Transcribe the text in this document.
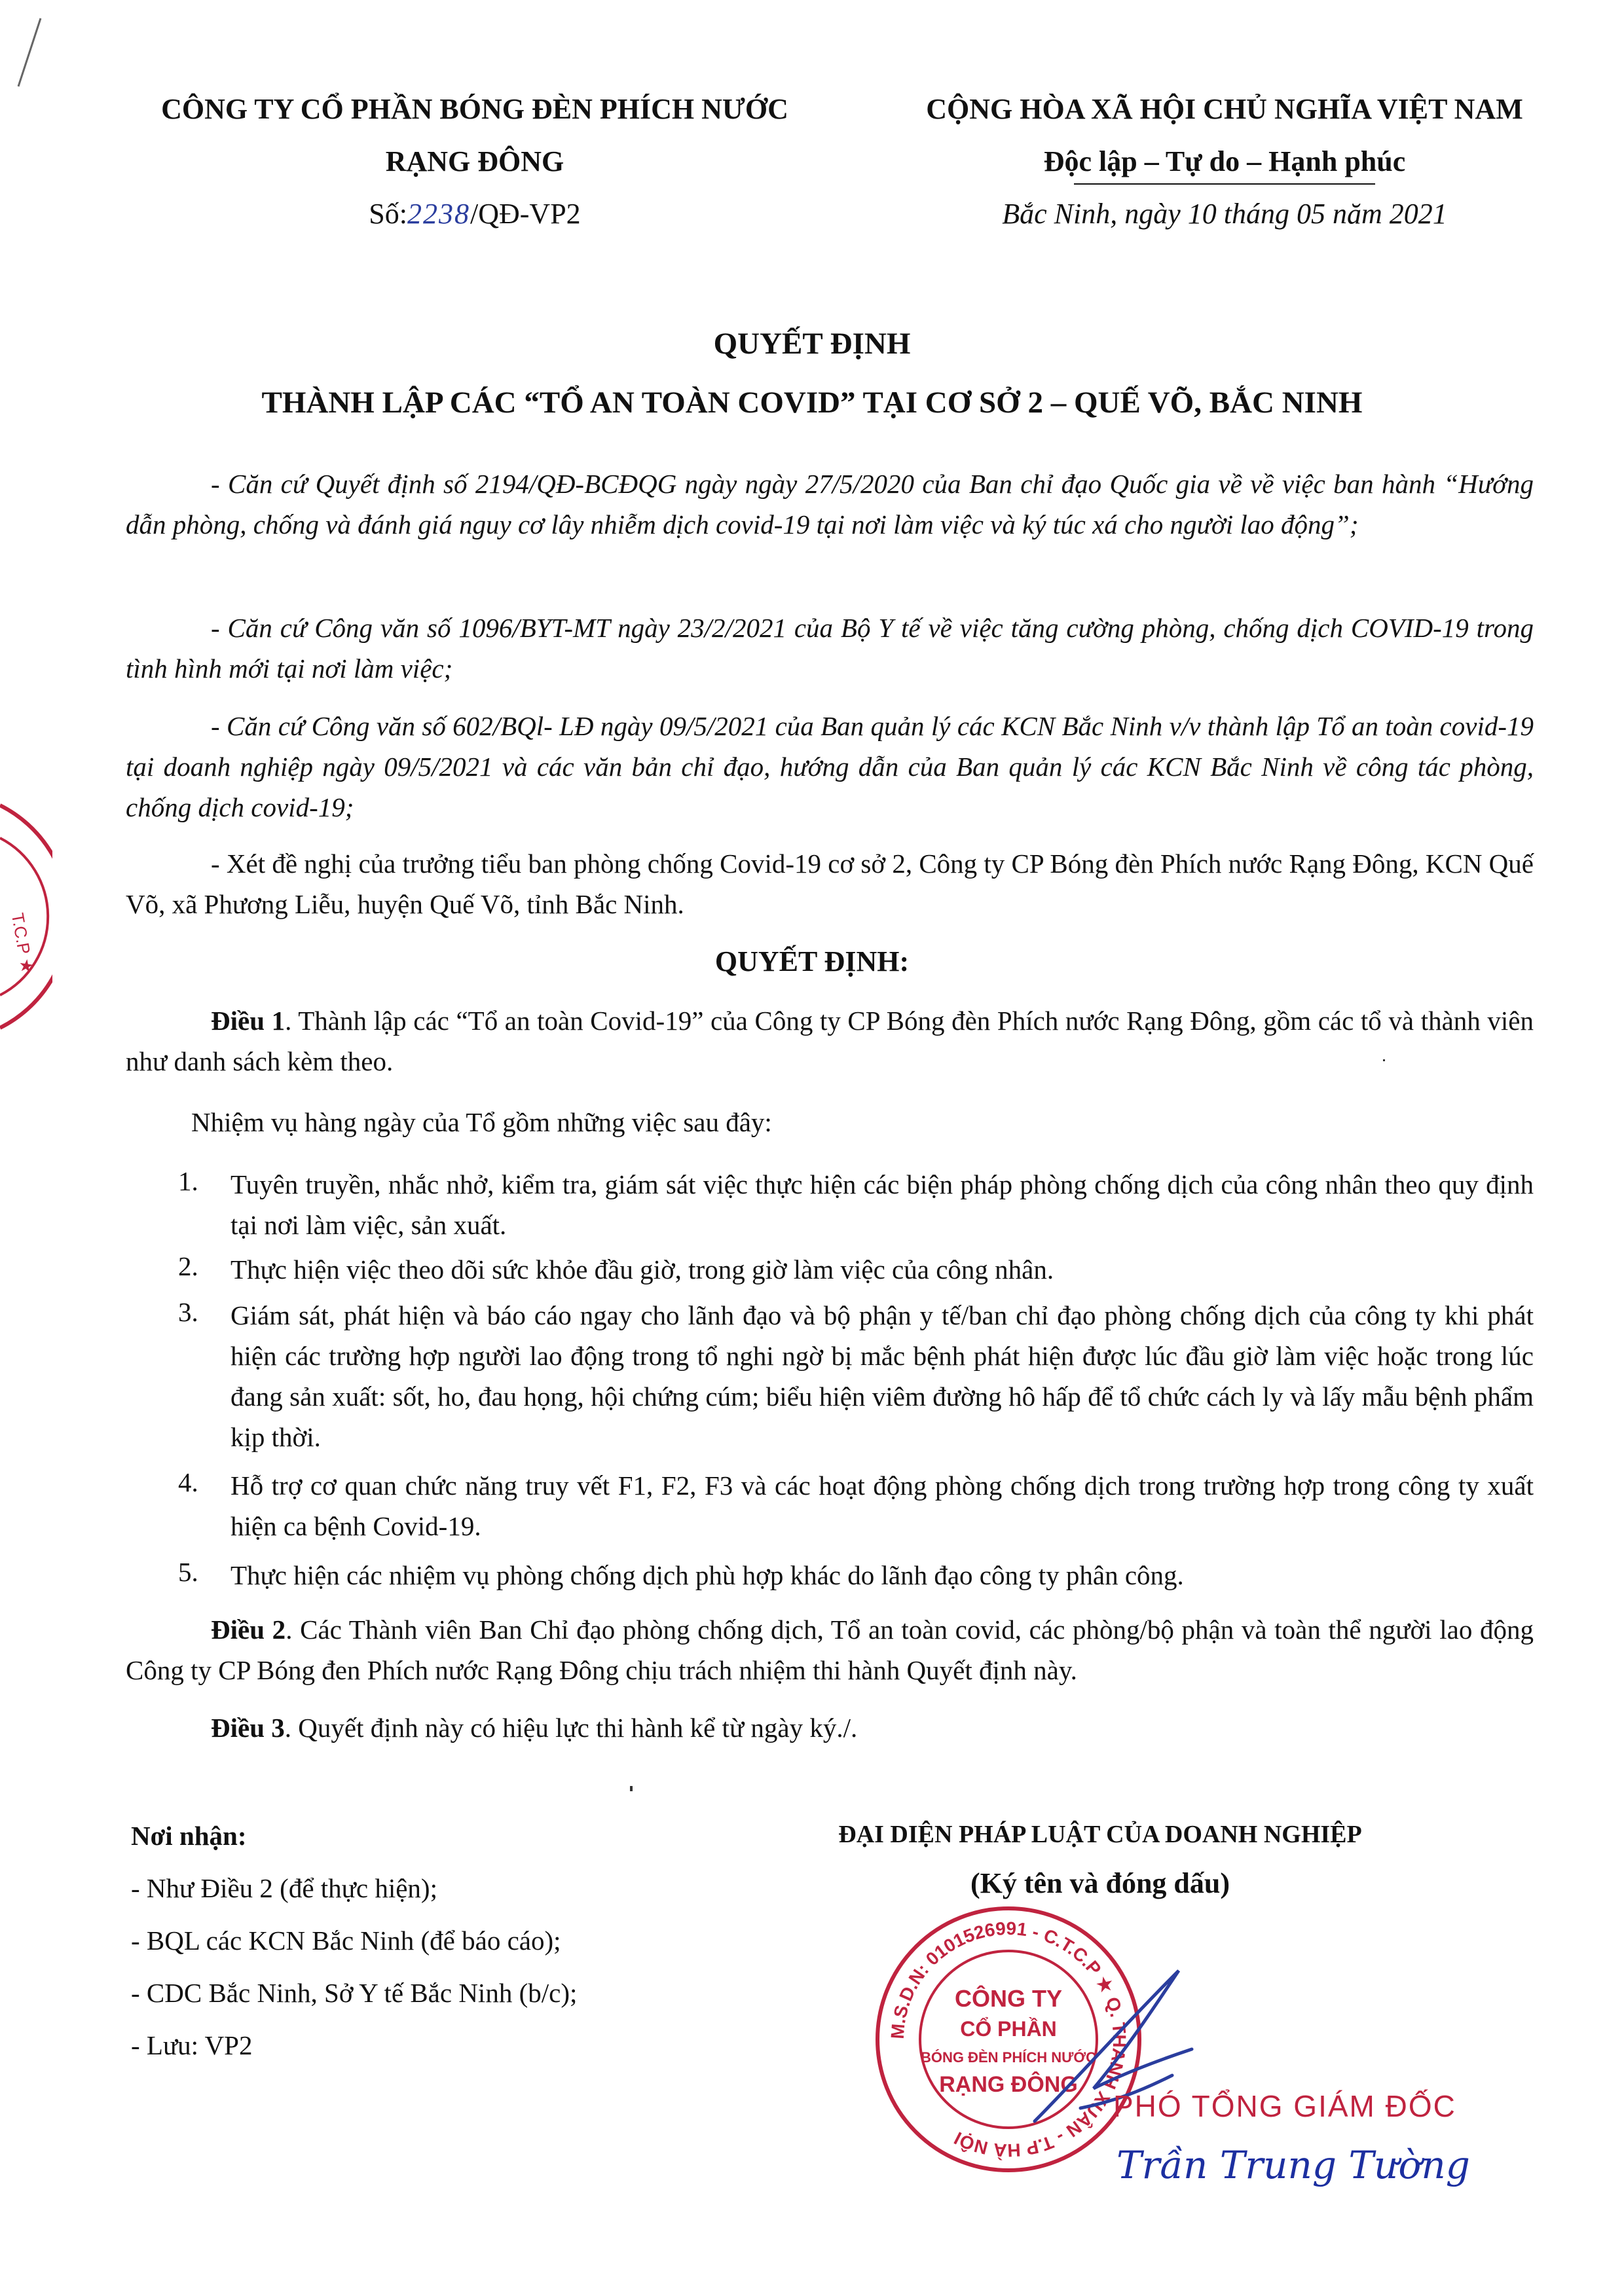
CÔNG TY CỔ PHẦN BÓNG ĐÈN PHÍCH NƯỚC
RẠNG ĐÔNG
Số:2238/QĐ-VP2
CỘNG HÒA XÃ HỘI CHỦ NGHĨA VIỆT NAM
Độc lập – Tự do – Hạnh phúc
Bắc Ninh, ngày 10 tháng 05 năm 2021
QUYẾT ĐỊNH
THÀNH LẬP CÁC “TỔ AN TOÀN COVID” TẠI CƠ SỞ 2 – QUẾ VÕ, BẮC NINH
- Căn cứ Quyết định số 2194/QĐ-BCĐQG ngày ngày 27/5/2020 của Ban chỉ đạo Quốc gia về về việc ban hành “Hướng dẫn phòng, chống và đánh giá nguy cơ lây nhiễm dịch covid-19 tại nơi làm việc và ký túc xá cho người lao động”;
- Căn cứ Công văn số 1096/BYT-MT ngày 23/2/2021 của Bộ Y tế về việc tăng cường phòng, chống dịch COVID-19 trong tình hình mới tại nơi làm việc;
- Căn cứ Công văn số 602/BQl- LĐ ngày 09/5/2021 của Ban quản lý các KCN Bắc Ninh v/v thành lập Tổ an toàn covid-19 tại doanh nghiệp ngày 09/5/2021 và các văn bản chỉ đạo, hướng dẫn của Ban quản lý các KCN Bắc Ninh về công tác phòng, chống dịch covid-19;
- Xét đề nghị của trưởng tiểu ban phòng chống Covid-19 cơ sở 2, Công ty CP Bóng đèn Phích nước Rạng Đông, KCN Quế Võ, xã Phương Liễu, huyện Quế Võ, tỉnh Bắc Ninh.
QUYẾT ĐỊNH:
Điều 1. Thành lập các “Tổ an toàn Covid-19” của Công ty CP Bóng đèn Phích nước Rạng Đông, gồm các tổ và thành viên như danh sách kèm theo.
Nhiệm vụ hàng ngày của Tổ gồm những việc sau đây:
1.	Tuyên truyền, nhắc nhở, kiểm tra, giám sát việc thực hiện các biện pháp phòng chống dịch của công nhân theo quy định tại nơi làm việc, sản xuất.
2.	Thực hiện việc theo dõi sức khỏe đầu giờ, trong giờ làm việc của công nhân.
3.	Giám sát, phát hiện và báo cáo ngay cho lãnh đạo và bộ phận y tế/ban chỉ đạo phòng chống dịch của công ty khi phát hiện các trường hợp người lao động trong tổ nghi ngờ bị mắc bệnh phát hiện được lúc đầu giờ làm việc hoặc trong lúc đang sản xuất: sốt, ho, đau họng, hội chứng cúm; biểu hiện viêm đường hô hấp để tổ chức cách ly và lấy mẫu bệnh phẩm kịp thời.
4.	Hỗ trợ cơ quan chức năng truy vết F1, F2, F3 và các hoạt động phòng chống dịch trong trường hợp trong công ty xuất hiện ca bệnh Covid-19.
5.	Thực hiện các nhiệm vụ phòng chống dịch phù hợp khác do lãnh đạo công ty phân công.
Điều 2. Các Thành viên Ban Chỉ đạo phòng chống dịch, Tổ an toàn covid, các phòng/bộ phận và toàn thể người lao động Công ty CP Bóng đen Phích nước Rạng Đông chịu trách nhiệm thi hành Quyết định này.
Điều 3. Quyết định này có hiệu lực thi hành kể từ ngày ký./.
Nơi nhận:
- Như Điều 2 (để thực hiện);
- BQL các KCN Bắc Ninh (để báo cáo);
- CDC Bắc Ninh, Sở Y tế Bắc Ninh (b/c);
- Lưu: VP2
ĐẠI DIỆN PHÁP LUẬT CỦA DOANH NGHIỆP
(Ký tên và đóng dấu)
M.S.D.N: 0101526991 - C.T.C.P ★ Q. THANH XUÂN - T.P HÀ NỘI
CÔNG TY
CỔ PHẦN
BÓNG ĐÈN PHÍCH NƯỚC
RẠNG ĐÔNG
PHÓ TỔNG GIÁM ĐỐC
Trần Trung Tường
T.C.P ★
